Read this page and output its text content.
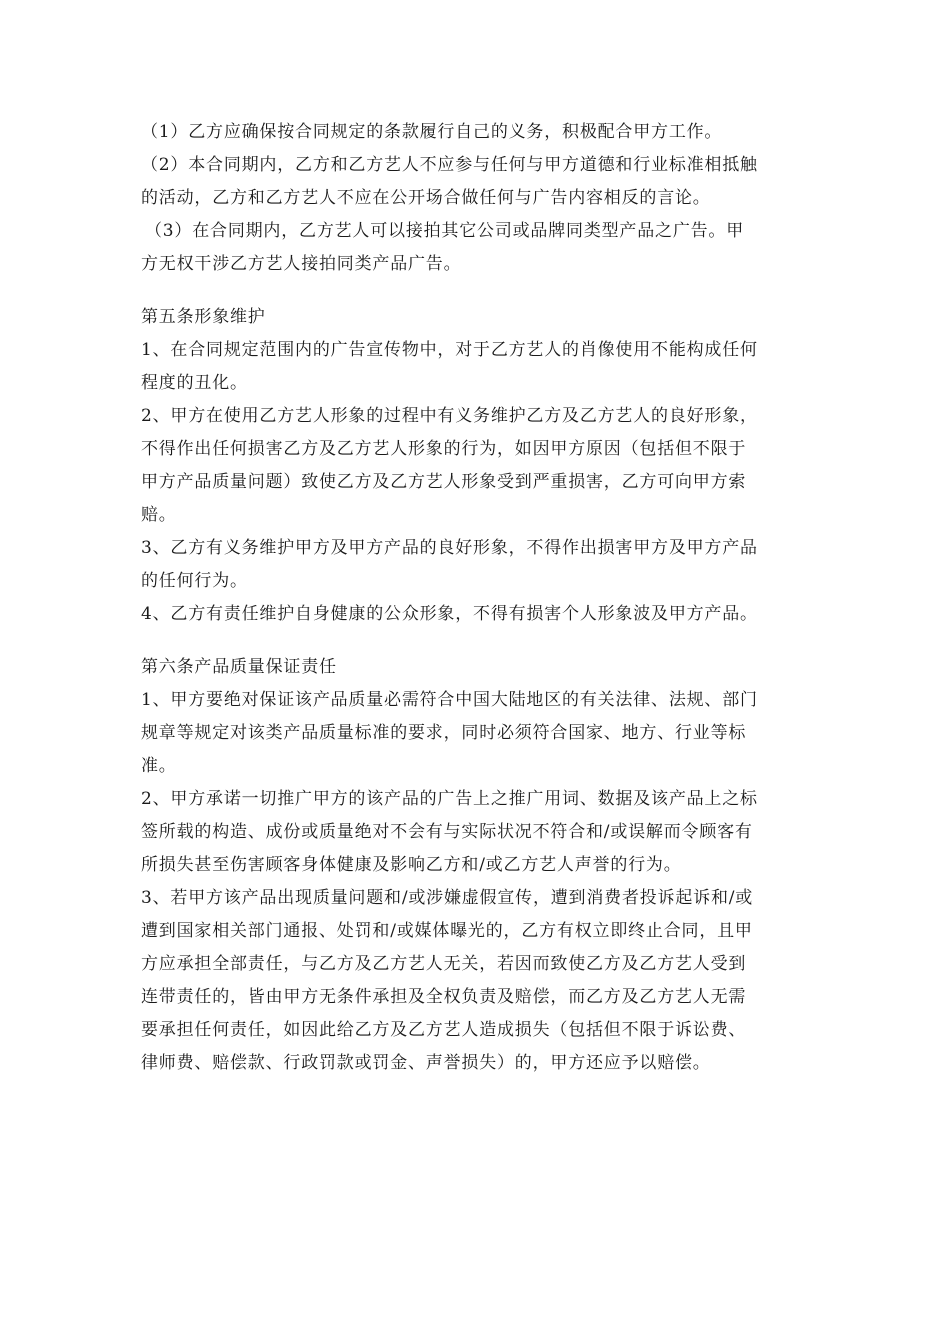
（1）乙方应确保按合同规定的条款履行自己的义务，积极配合甲方工作。
（2）本合同期内，乙方和乙方艺人不应参与任何与甲方道德和行业标准相抵触
的活动，乙方和乙方艺人不应在公开场合做任何与广告内容相反的言论。
（3）在合同期内，乙方艺人可以接拍其它公司或品牌同类型产品之广告。甲
方无权干涉乙方艺人接拍同类产品广告。
第五条形象维护
1、在合同规定范围内的广告宣传物中，对于乙方艺人的肖像使用不能构成任何
程度的丑化。
2、甲方在使用乙方艺人形象的过程中有义务维护乙方及乙方艺人的良好形象，
不得作出任何损害乙方及乙方艺人形象的行为，如因甲方原因（包括但不限于
甲方产品质量问题）致使乙方及乙方艺人形象受到严重损害，乙方可向甲方索
赔。
3、乙方有义务维护甲方及甲方产品的良好形象，不得作出损害甲方及甲方产品
的任何行为。
4、乙方有责任维护自身健康的公众形象，不得有损害个人形象波及甲方产品。
第六条产品质量保证责任
1、甲方要绝对保证该产品质量必需符合中国大陆地区的有关法律、法规、部门
规章等规定对该类产品质量标准的要求，同时必须符合国家、地方、行业等标
准。
2、甲方承诺一切推广甲方的该产品的广告上之推广用词、数据及该产品上之标
签所载的构造、成份或质量绝对不会有与实际状况不符合和/或误解而令顾客有
所损失甚至伤害顾客身体健康及影响乙方和/或乙方艺人声誉的行为。
3、若甲方该产品出现质量问题和/或涉嫌虚假宣传，遭到消费者投诉起诉和/或
遭到国家相关部门通报、处罚和/或媒体曝光的，乙方有权立即终止合同，且甲
方应承担全部责任，与乙方及乙方艺人无关，若因而致使乙方及乙方艺人受到
连带责任的，皆由甲方无条件承担及全权负责及赔偿，而乙方及乙方艺人无需
要承担任何责任，如因此给乙方及乙方艺人造成损失（包括但不限于诉讼费、
律师费、赔偿款、行政罚款或罚金、声誉损失）的，甲方还应予以赔偿。
